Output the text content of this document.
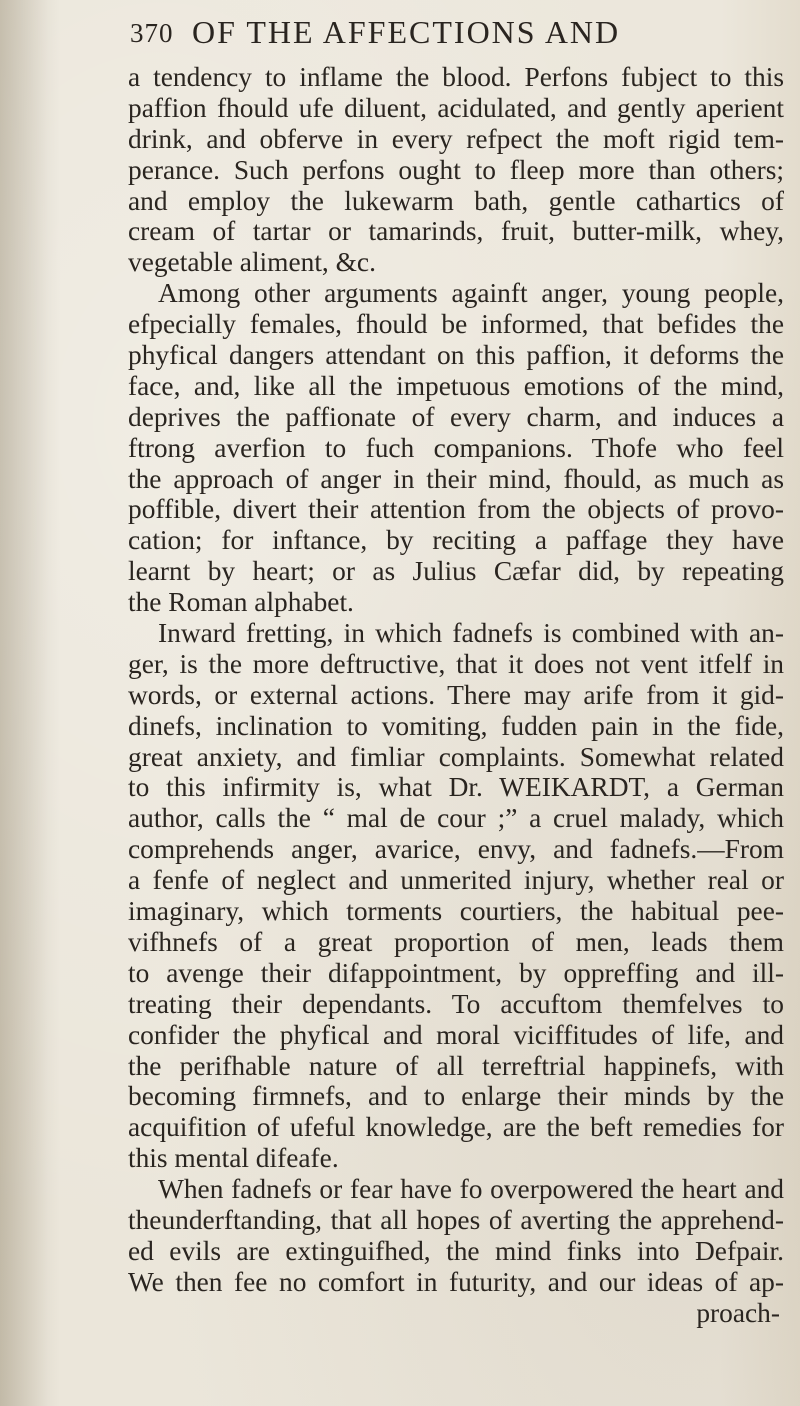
370 OF THE AFFECTIONS AND
a tendency to inflame the blood. Perfons fubject to this
paffion fhould ufe diluent, acidulated, and gently aperient
drink, and obferve in every refpect the moft rigid tem-
perance. Such perfons ought to fleep more than others;
and employ the lukewarm bath, gentle cathartics of
cream of tartar or tamarinds, fruit, butter-milk, whey,
vegetable aliment, &c.
Among other arguments againft anger, young people,
efpecially females, fhould be informed, that befides the
phyfical dangers attendant on this paffion, it deforms the
face, and, like all the impetuous emotions of the mind,
deprives the paffionate of every charm, and induces a
ftrong averfion to fuch companions. Thofe who feel
the approach of anger in their mind, fhould, as much as
poffible, divert their attention from the objects of provo-
cation; for inftance, by reciting a paffage they have
learnt by heart; or as Julius Cæfar did, by repeating
the Roman alphabet.
Inward fretting, in which fadnefs is combined with an-
ger, is the more deftructive, that it does not vent itfelf in
words, or external actions. There may arife from it gid-
dinefs, inclination to vomiting, fudden pain in the fide,
great anxiety, and fimliar complaints. Somewhat related
to this infirmity is, what Dr. WEIKARDT, a German
author, calls the “ mal de cour ;” a cruel malady, which
comprehends anger, avarice, envy, and fadnefs.—From
a fenfe of neglect and unmerited injury, whether real or
imaginary, which torments courtiers, the habitual pee-
vifhnefs of a great proportion of men, leads them
to avenge their difappointment, by oppreffing and ill-
treating their dependants. To accuftom themfelves to
confider the phyfical and moral viciffitudes of life, and
the perifhable nature of all terreftrial happinefs, with
becoming firmnefs, and to enlarge their minds by the
acquifition of ufeful knowledge, are the beft remedies for
this mental difeafe.
When fadnefs or fear have fo overpowered the heart and
theunderftanding, that all hopes of averting the apprehend-
ed evils are extinguifhed, the mind finks into Defpair.
We then fee no comfort in futurity, and our ideas of ap-
proach-
